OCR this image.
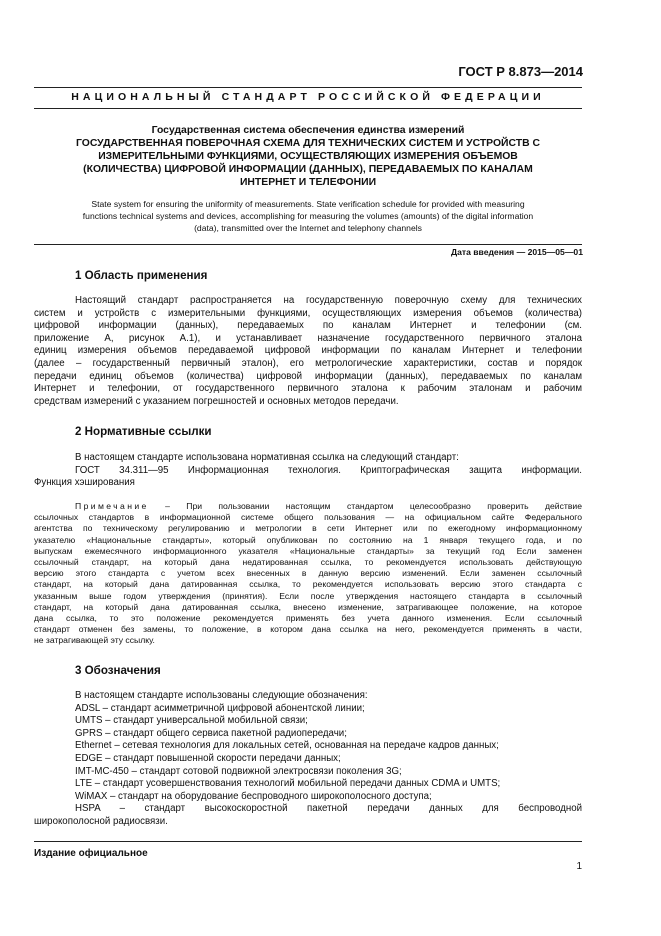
ГОСТ Р 8.873—2014
НАЦИОНАЛЬНЫЙ СТАНДАРТ РОССИЙСКОЙ ФЕДЕРАЦИИ
Государственная система обеспечения единства измерений
ГОСУДАРСТВЕННАЯ ПОВЕРОЧНАЯ СХЕМА ДЛЯ ТЕХНИЧЕСКИХ СИСТЕМ И УСТРОЙСТВ С
ИЗМЕРИТЕЛЬНЫМИ ФУНКЦИЯМИ, ОСУЩЕСТВЛЯЮЩИХ ИЗМЕРЕНИЯ ОБЪЕМОВ
(КОЛИЧЕСТВА) ЦИФРОВОЙ ИНФОРМАЦИИ (ДАННЫХ), ПЕРЕДАВАЕМЫХ ПО КАНАЛАМ
ИНТЕРНЕТ И ТЕЛЕФОНИИ
State system for ensuring the uniformity of measurements. State verification schedule for provided with measuring
functions technical systems and devices, accomplishing for measuring the volumes (amounts) of the digital information
(data), transmitted over the Internet and telephony channels
Дата введения — 2015—05—01
1 Область применения
Настоящий стандарт распространяется на государственную поверочную схему для технических
систем и устройств с измерительными функциями, осуществляющих измерения объемов (количества)
цифровой информации (данных), передаваемых по каналам Интернет и телефонии (см.
приложение А, рисунок А.1), и устанавливает назначение государственного первичного эталона
единиц измерения объемов передаваемой цифровой информации по каналам Интернет и телефонии
(далее – государственный первичный эталон), его метрологические характеристики, состав и порядок
передачи единиц объемов (количества) цифровой информации (данных), передаваемых по каналам
Интернет и телефонии, от государственного первичного эталона к рабочим эталонам и рабочим
средствам измерений с указанием погрешностей и основных методов передачи.
2 Нормативные ссылки
В настоящем стандарте использована нормативная ссылка на следующий стандарт:
ГОСТ 34.311—95 Информационная технология. Криптографическая защита информации.
Функция хэширования
Примечание – При пользовании настоящим стандартом целесообразно проверить действие
ссылочных стандартов в информационной системе общего пользования — на официальном сайте Федерального
агентства по техническому регулированию и метрологии в сети Интернет или по ежегодному информационному
указателю «Национальные стандарты», который опубликован по состоянию на 1 января текущего года, и по
выпускам ежемесячного информационного указателя «Национальные стандарты» за текущий год Если заменен
ссылочный стандарт, на который дана недатированная ссылка, то рекомендуется использовать действующую
версию этого стандарта с учетом всех внесенных в данную версию изменений. Если заменен ссылочный
стандарт, на который дана датированная ссылка, то рекомендуется использовать версию этого стандарта с
указанным выше годом утверждения (принятия). Если после утверждения настоящего стандарта в ссылочный
стандарт, на который дана датированная ссылка, внесено изменение, затрагивающее положение, на которое
дана ссылка, то это положение рекомендуется применять без учета данного изменения. Если ссылочный
стандарт отменен без замены, то положение, в котором дана ссылка на него, рекомендуется применять в части,
не затрагивающей эту ссылку.
3 Обозначения
В настоящем стандарте использованы следующие обозначения:
ADSL – стандарт асимметричной цифровой абонентской линии;
UMTS – стандарт универсальной мобильной связи;
GPRS – стандарт общего сервиса пакетной радиопередачи;
Ethernet – сетевая технология для локальных сетей, основанная на передаче кадров данных;
EDGE – стандарт повышенной скорости передачи данных;
IMT-MC-450 – стандарт сотовой подвижной электросвязи поколения 3G;
LTE – стандарт усовершенствования технологий мобильной передачи данных CDMA и UMTS;
WiMAX – стандарт на оборудование беспроводного широкополосного доступа;
HSPA – стандарт высокоскоростной пакетной передачи данных для беспроводной
широкополосной радиосвязи.
Издание официальное
1
